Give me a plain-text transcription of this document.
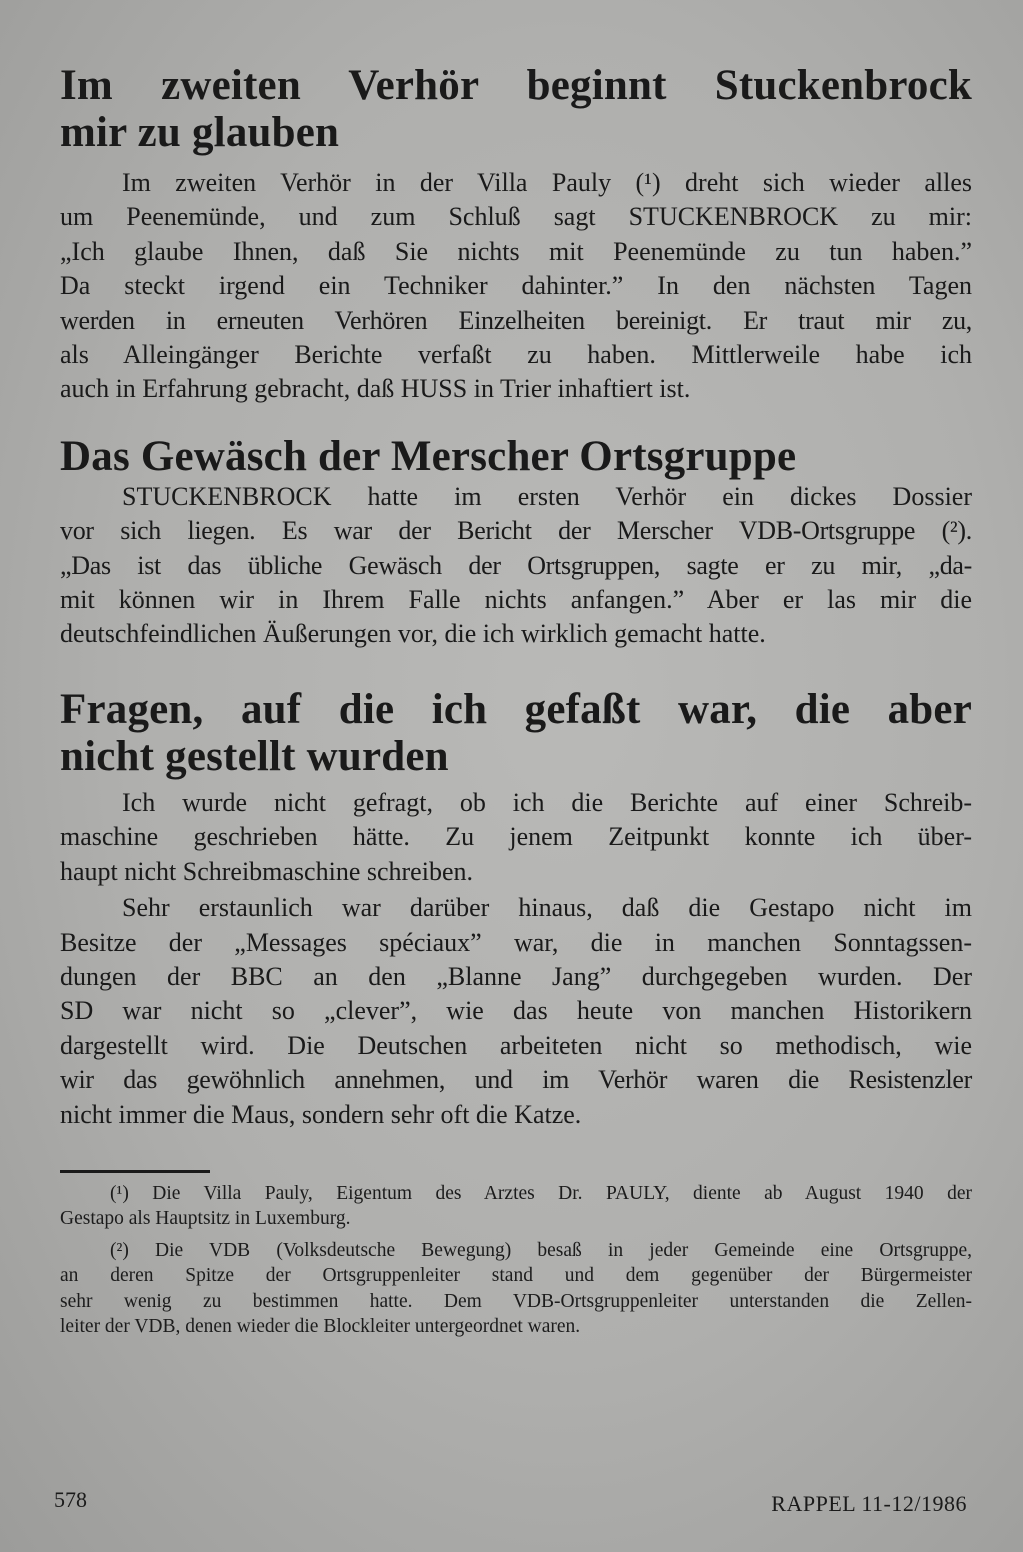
Im zweiten Verhör beginnt Stuckenbrock
mir zu glauben
Im zweiten Verhör in der Villa Pauly (¹) dreht sich wieder alles
um Peenemünde, und zum Schluß sagt STUCKENBROCK zu mir:
„Ich glaube Ihnen, daß Sie nichts mit Peenemünde zu tun haben.”
Da steckt irgend ein Techniker dahinter.” In den nächsten Tagen
werden in erneuten Verhören Einzelheiten bereinigt. Er traut mir zu,
als Alleingänger Berichte verfaßt zu haben. Mittlerweile habe ich
auch in Erfahrung gebracht, daß HUSS in Trier inhaftiert ist.
Das Gewäsch der Merscher Ortsgruppe
STUCKENBROCK hatte im ersten Verhör ein dickes Dossier
vor sich liegen. Es war der Bericht der Merscher VDB-Ortsgruppe (²).
„Das ist das übliche Gewäsch der Ortsgruppen, sagte er zu mir, „da-
mit können wir in Ihrem Falle nichts anfangen.” Aber er las mir die
deutschfeindlichen Äußerungen vor, die ich wirklich gemacht hatte.
Fragen, auf die ich gefaßt war, die aber
nicht gestellt wurden
Ich wurde nicht gefragt, ob ich die Berichte auf einer Schreib-
maschine geschrieben hätte. Zu jenem Zeitpunkt konnte ich über-
haupt nicht Schreibmaschine schreiben.
Sehr erstaunlich war darüber hinaus, daß die Gestapo nicht im
Besitze der „Messages spéciaux” war, die in manchen Sonntagssen-
dungen der BBC an den „Blanne Jang” durchgegeben wurden. Der
SD war nicht so „clever”, wie das heute von manchen Historikern
dargestellt wird. Die Deutschen arbeiteten nicht so methodisch, wie
wir das gewöhnlich annehmen, und im Verhör waren die Resistenzler
nicht immer die Maus, sondern sehr oft die Katze.
(¹) Die Villa Pauly, Eigentum des Arztes Dr. PAULY, diente ab August 1940 der
Gestapo als Hauptsitz in Luxemburg.
(²) Die VDB (Volksdeutsche Bewegung) besaß in jeder Gemeinde eine Ortsgruppe,
an deren Spitze der Ortsgruppenleiter stand und dem gegenüber der Bürgermeister
sehr wenig zu bestimmen hatte. Dem VDB-Ortsgruppenleiter unterstanden die Zellen-
leiter der VDB, denen wieder die Blockleiter untergeordnet waren.
578	RAPPEL 11-12/1986
